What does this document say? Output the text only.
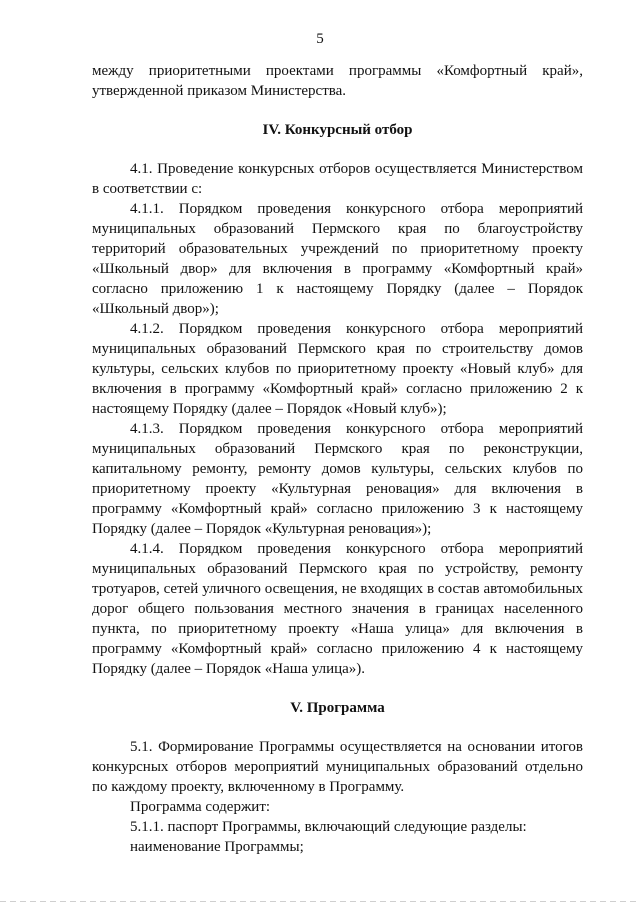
5

между приоритетными проектами программы «Комфортный край», утвержденной приказом Министерства.

IV. Конкурсный отбор

4.1. Проведение конкурсных отборов осуществляется Министерством в соответствии с:

4.1.1. Порядком проведения конкурсного отбора мероприятий муниципальных образований Пермского края по благоустройству территорий образовательных учреждений по приоритетному проекту «Школьный двор» для включения в программу «Комфортный край» согласно приложению 1 к настоящему Порядку (далее – Порядок «Школьный двор»);

4.1.2. Порядком проведения конкурсного отбора мероприятий муниципальных образований Пермского края по строительству домов культуры, сельских клубов по приоритетному проекту «Новый клуб» для включения в программу «Комфортный край» согласно приложению 2 к настоящему Порядку (далее – Порядок «Новый клуб»);

4.1.3. Порядком проведения конкурсного отбора мероприятий муниципальных образований Пермского края по реконструкции, капитальному ремонту, ремонту домов культуры, сельских клубов по приоритетному проекту «Культурная реновация» для включения в программу «Комфортный край» согласно приложению 3 к настоящему Порядку (далее – Порядок «Культурная реновация»);

4.1.4. Порядком проведения конкурсного отбора мероприятий муниципальных образований Пермского края по устройству, ремонту тротуаров, сетей уличного освещения, не входящих в состав автомобильных дорог общего пользования местного значения в границах населенного пункта, по приоритетному проекту «Наша улица» для включения в программу «Комфортный край» согласно приложению 4 к настоящему Порядку (далее – Порядок «Наша улица»).

V. Программа

5.1. Формирование Программы осуществляется на основании итогов конкурсных отборов мероприятий муниципальных образований отдельно по каждому проекту, включенному в Программу.

Программа содержит:

5.1.1. паспорт Программы, включающий следующие разделы:

наименование Программы;
